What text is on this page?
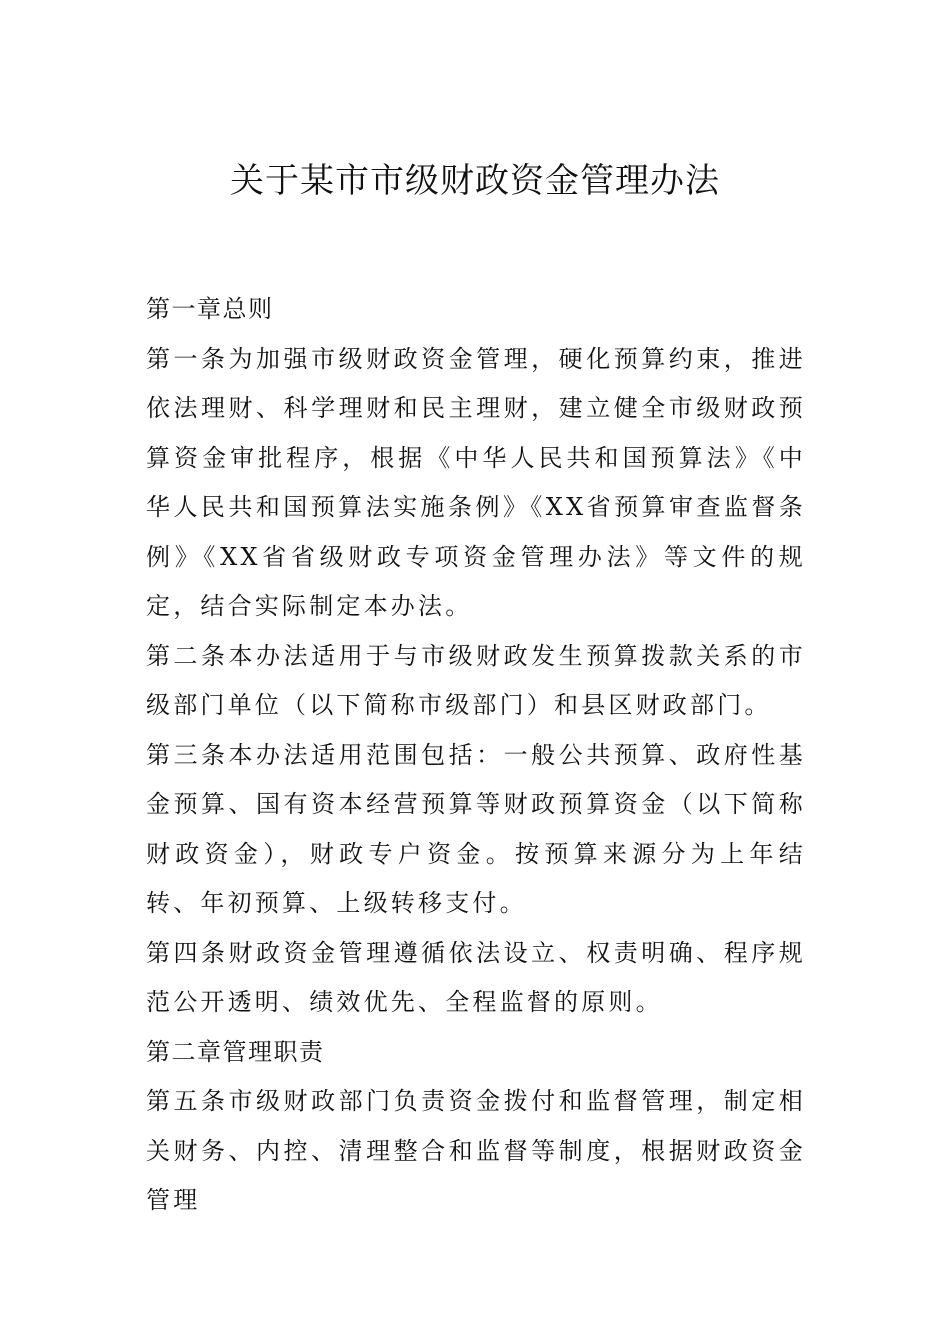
关于某市市级财政资金管理办法

第一章总则

第一条为加强市级财政资金管理，硬化预算约束，推进依法理财、科学理财和民主理财，建立健全市级财政预算资金审批程序，根据《中华人民共和国预算法》《中华人民共和国预算法实施条例》《XX省预算审查监督条例》《XX省省级财政专项资金管理办法》等文件的规定，结合实际制定本办法。

第二条本办法适用于与市级财政发生预算拨款关系的市级部门单位（以下简称市级部门）和县区财政部门。

第三条本办法适用范围包括：一般公共预算、政府性基金预算、国有资本经营预算等财政预算资金（以下简称财政资金），财政专户资金。按预算来源分为上年结转、年初预算、上级转移支付。

第四条财政资金管理遵循依法设立、权责明确、程序规范公开透明、绩效优先、全程监督的原则。

第二章管理职责

第五条市级财政部门负责资金拨付和监督管理，制定相关财务、内控、清理整合和监督等制度，根据财政资金管理
